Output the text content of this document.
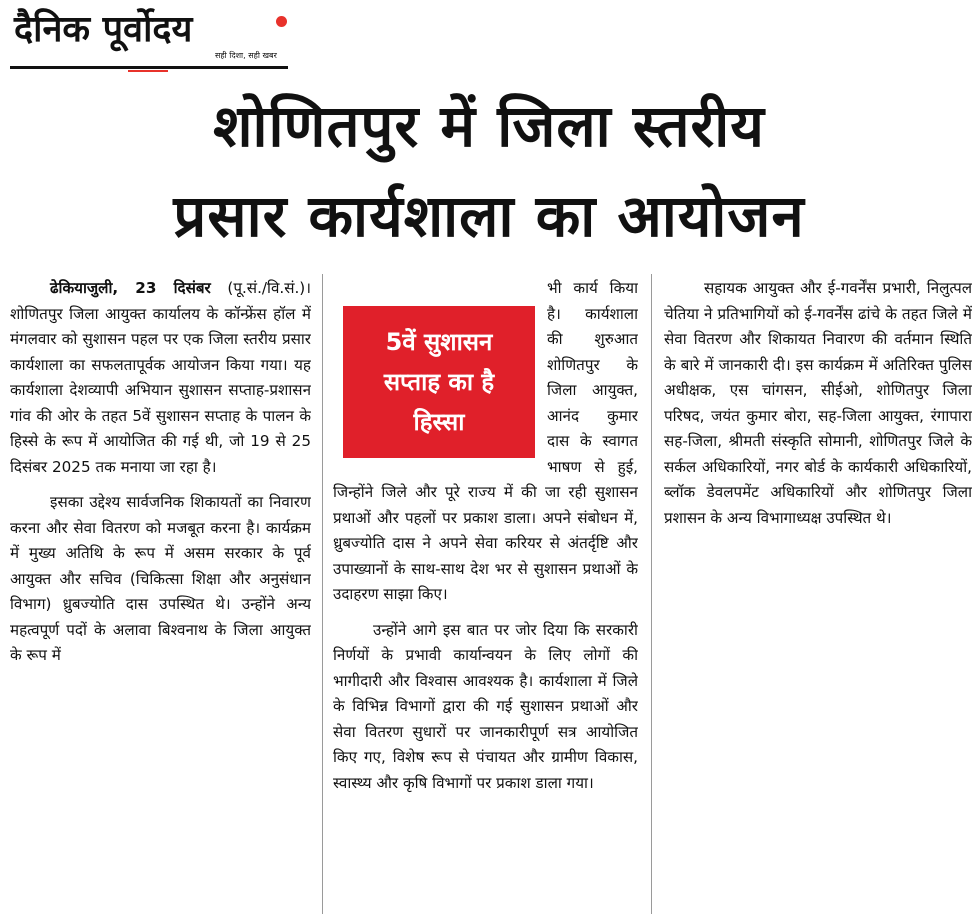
दैनिक पूर्वोदय
सही दिशा, सही खबर
शोणितपुर में जिला स्तरीय
प्रसार कार्यशाला का आयोजन

ढेकियाजुली, 23 दिसंबर (पू.सं./वि.सं.)। शोणितपुर जिला आयुक्त कार्यालय के कॉन्फ्रेंस हॉल में मंगलवार को सुशासन पहल पर एक जिला स्तरीय प्रसार कार्यशाला का सफलतापूर्वक आयोजन किया गया। यह कार्यशाला देशव्यापी अभियान सुशासन सप्ताह-प्रशासन गांव की ओर के तहत 5वें सुशासन सप्ताह के पालन के हिस्से के रूप में आयोजित की गई थी, जो 19 से 25 दिसंबर 2025 तक मनाया जा रहा है।

इसका उद्देश्य सार्वजनिक शिकायतों का निवारण करना और सेवा वितरण को मजबूत करना है। कार्यक्रम में मुख्य अतिथि के रूप में असम सरकार के पूर्व आयुक्त और सचिव (चिकित्सा शिक्षा और अनुसंधान विभाग) ध्रुबज्योति दास उपस्थित थे। उन्होंने अन्य महत्वपूर्ण पदों के अलावा बिश्वनाथ के जिला आयुक्त के रूप में

5वें सुशासन
सप्ताह का है
हिस्सा

भी कार्य किया है। कार्यशाला की शुरुआत शोणितपुर के जिला आयुक्त, आनंद कुमार दास के स्वागत भाषण से हुई, जिन्होंने जिले और पूरे राज्य में की जा रही सुशासन प्रथाओं और पहलों पर प्रकाश डाला। अपने संबोधन में, ध्रुबज्योति दास ने अपने सेवा करियर से अंतर्दृष्टि और उपाख्यानों के साथ-साथ देश भर से सुशासन प्रथाओं के उदाहरण साझा किए।

उन्होंने आगे इस बात पर जोर दिया कि सरकारी निर्णयों के प्रभावी कार्यान्वयन के लिए लोगों की भागीदारी और विश्वास आवश्यक है। कार्यशाला में जिले के विभिन्न विभागों द्वारा की गई सुशासन प्रथाओं और सेवा वितरण सुधारों पर जानकारीपूर्ण सत्र आयोजित किए गए, विशेष रूप से पंचायत और ग्रामीण विकास, स्वास्थ्य और कृषि विभागों पर प्रकाश डाला गया।

सहायक आयुक्त और ई-गवर्नेंस प्रभारी, निलुत्पल चेतिया ने प्रतिभागियों को ई-गवर्नेंस ढांचे के तहत जिले में सेवा वितरण और शिकायत निवारण की वर्तमान स्थिति के बारे में जानकारी दी। इस कार्यक्रम में अतिरिक्त पुलिस अधीक्षक, एस चांगसन, सीईओ, शोणितपुर जिला परिषद, जयंत कुमार बोरा, सह-जिला आयुक्त, रंगापारा सह-जिला, श्रीमती संस्कृति सोमानी, शोणितपुर जिले के सर्कल अधिकारियों, नगर बोर्ड के कार्यकारी अधिकारियों, ब्लॉक डेवलपमेंट अधिकारियों और शोणितपुर जिला प्रशासन के अन्य विभागाध्यक्ष उपस्थित थे।
